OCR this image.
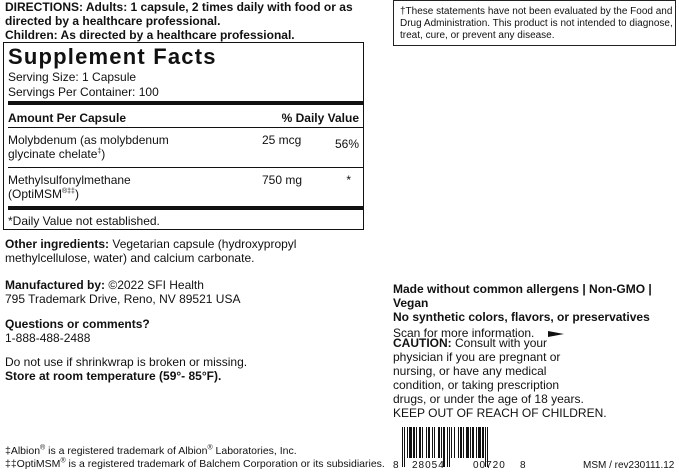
DIRECTIONS: Adults: 1 capsule, 2 times daily with food or as
directed by a healthcare professional.
Children: As directed by a healthcare professional.
Supplement Facts
Serving Size: 1 Capsule
Servings Per Container: 100
Amount Per Capsule	% Daily Value
Molybdenum (as molybdenum
glycinate chelate‡)
25 mcg	56%
Methylsulfonylmethane
(OptiMSM®‡‡)
750 mg	*
*Daily Value not established.
Other ingredients: Vegetarian capsule (hydroxypropyl
methylcellulose, water) and calcium carbonate.
Manufactured by: ©2022 SFI Health
795 Trademark Drive, Reno, NV 89521 USA
Questions or comments?
1-888-488-2488
Do not use if shrinkwrap is broken or missing.
Store at room temperature (59°- 85°F).
‡Albion® is a registered trademark of Albion® Laboratories, Inc.
‡‡OptiMSM® is a registered trademark of Balchem Corporation or its subsidiaries.
†These statements have not been evaluated by the Food and
Drug Administration. This product is not intended to diagnose,
treat, cure, or prevent any disease.
Made without common allergens | Non-GMO | Vegan
No synthetic colors, flavors, or preservatives
Scan for more information.
CAUTION: Consult with your
physician if you are pregnant or
nursing, or have any medical
condition, or taking prescription
drugs, or under the age of 18 years.
KEEP OUT OF REACH OF CHILDREN.
8 28054	00720 8	MSM / rev230111.12
